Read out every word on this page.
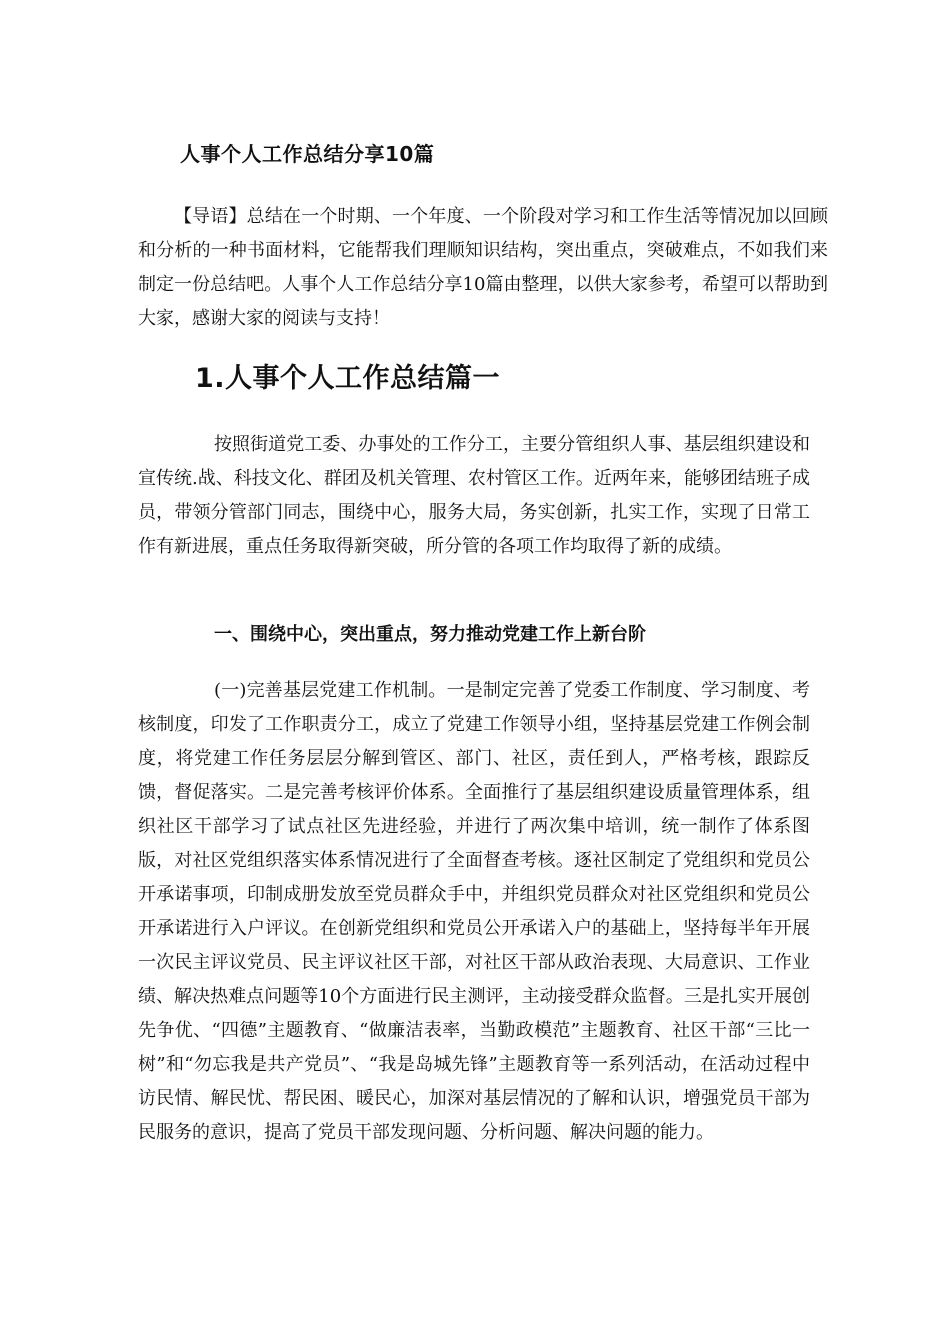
人事个人工作总结分享10篇

【导语】总结在一个时期、一个年度、一个阶段对学习和工作生活等情况加以回顾和分析的一种书面材料，它能帮我们理顺知识结构，突出重点，突破难点，不如我们来制定一份总结吧。人事个人工作总结分享10篇由整理，以供大家参考，希望可以帮助到大家，感谢大家的阅读与支持！

1.人事个人工作总结篇一

按照街道党工委、办事处的工作分工，主要分管组织人事、基层组织建设和宣传统.战、科技文化、群团及机关管理、农村管区工作。近两年来，能够团结班子成员，带领分管部门同志，围绕中心，服务大局，务实创新，扎实工作，实现了日常工作有新进展，重点任务取得新突破，所分管的各项工作均取得了新的成绩。

一、围绕中心，突出重点，努力推动党建工作上新台阶

(一)完善基层党建工作机制。一是制定完善了党委工作制度、学习制度、考核制度，印发了工作职责分工，成立了党建工作领导小组，坚持基层党建工作例会制度，将党建工作任务层层分解到管区、部门、社区，责任到人，严格考核，跟踪反馈，督促落实。二是完善考核评价体系。全面推行了基层组织建设质量管理体系，组织社区干部学习了试点社区先进经验，并进行了两次集中培训，统一制作了体系图版，对社区党组织落实体系情况进行了全面督查考核。逐社区制定了党组织和党员公开承诺事项，印制成册发放至党员群众手中，并组织党员群众对社区党组织和党员公开承诺进行入户评议。在创新党组织和党员公开承诺入户的基础上，坚持每半年开展一次民主评议党员、民主评议社区干部，对社区干部从政治表现、大局意识、工作业绩、解决热难点问题等10个方面进行民主测评，主动接受群众监督。三是扎实开展创先争优、“四德”主题教育、“做廉洁表率，当勤政模范”主题教育、社区干部“三比一树”和“勿忘我是共产党员”、“我是岛城先锋”主题教育等一系列活动，在活动过程中访民情、解民忧、帮民困、暖民心，加深对基层情况的了解和认识，增强党员干部为民服务的意识，提高了党员干部发现问题、分析问题、解决问题的能力。
